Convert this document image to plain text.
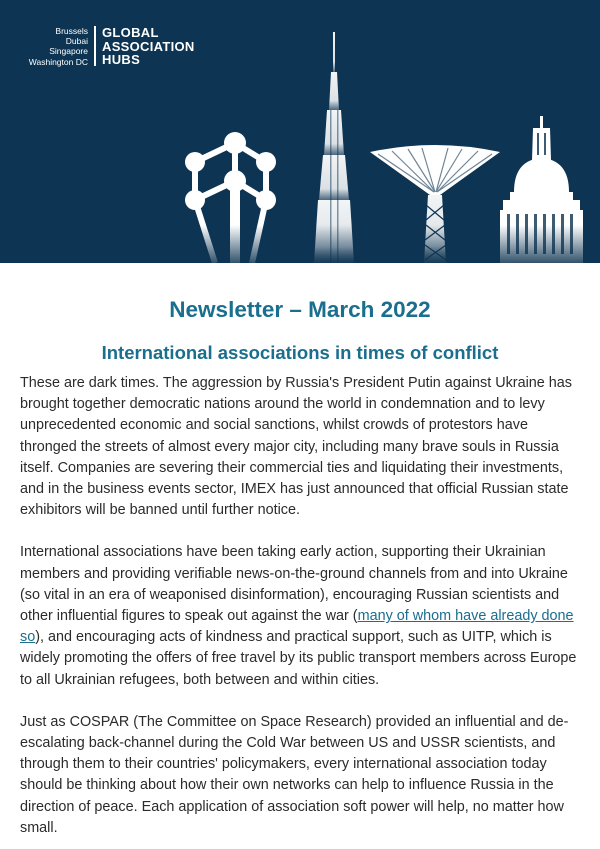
Brussels
Dubai
Singapore
Washington DC
GLOBAL
ASSOCIATION
HUBS
Newsletter – March 2022
International associations in times of conflict

These are dark times. The aggression by Russia's President Putin against Ukraine has brought together democratic nations around the world in condemnation and to levy unprecedented economic and social sanctions, whilst crowds of protestors have thronged the streets of almost every major city, including many brave souls in Russia itself. Companies are severing their commercial ties and liquidating their investments, and in the business events sector, IMEX has just announced that official Russian state exhibitors will be banned until further notice.

International associations have been taking early action, supporting their Ukrainian members and providing verifiable news-on-the-ground channels from and into Ukraine (so vital in an era of weaponised disinformation), encouraging Russian scientists and other influential figures to speak out against the war (many of whom have already done so), and encouraging acts of kindness and practical support, such as UITP, which is widely promoting the offers of free travel by its public transport members across Europe to all Ukrainian refugees, both between and within cities.

Just as COSPAR (The Committee on Space Research) provided an influential and de-escalating back-channel during the Cold War between US and USSR scientists, and through them to their countries' policymakers, every international association today should be thinking about how their own networks can help to influence Russia in the direction of peace. Each application of association soft power will help, no matter how small.
